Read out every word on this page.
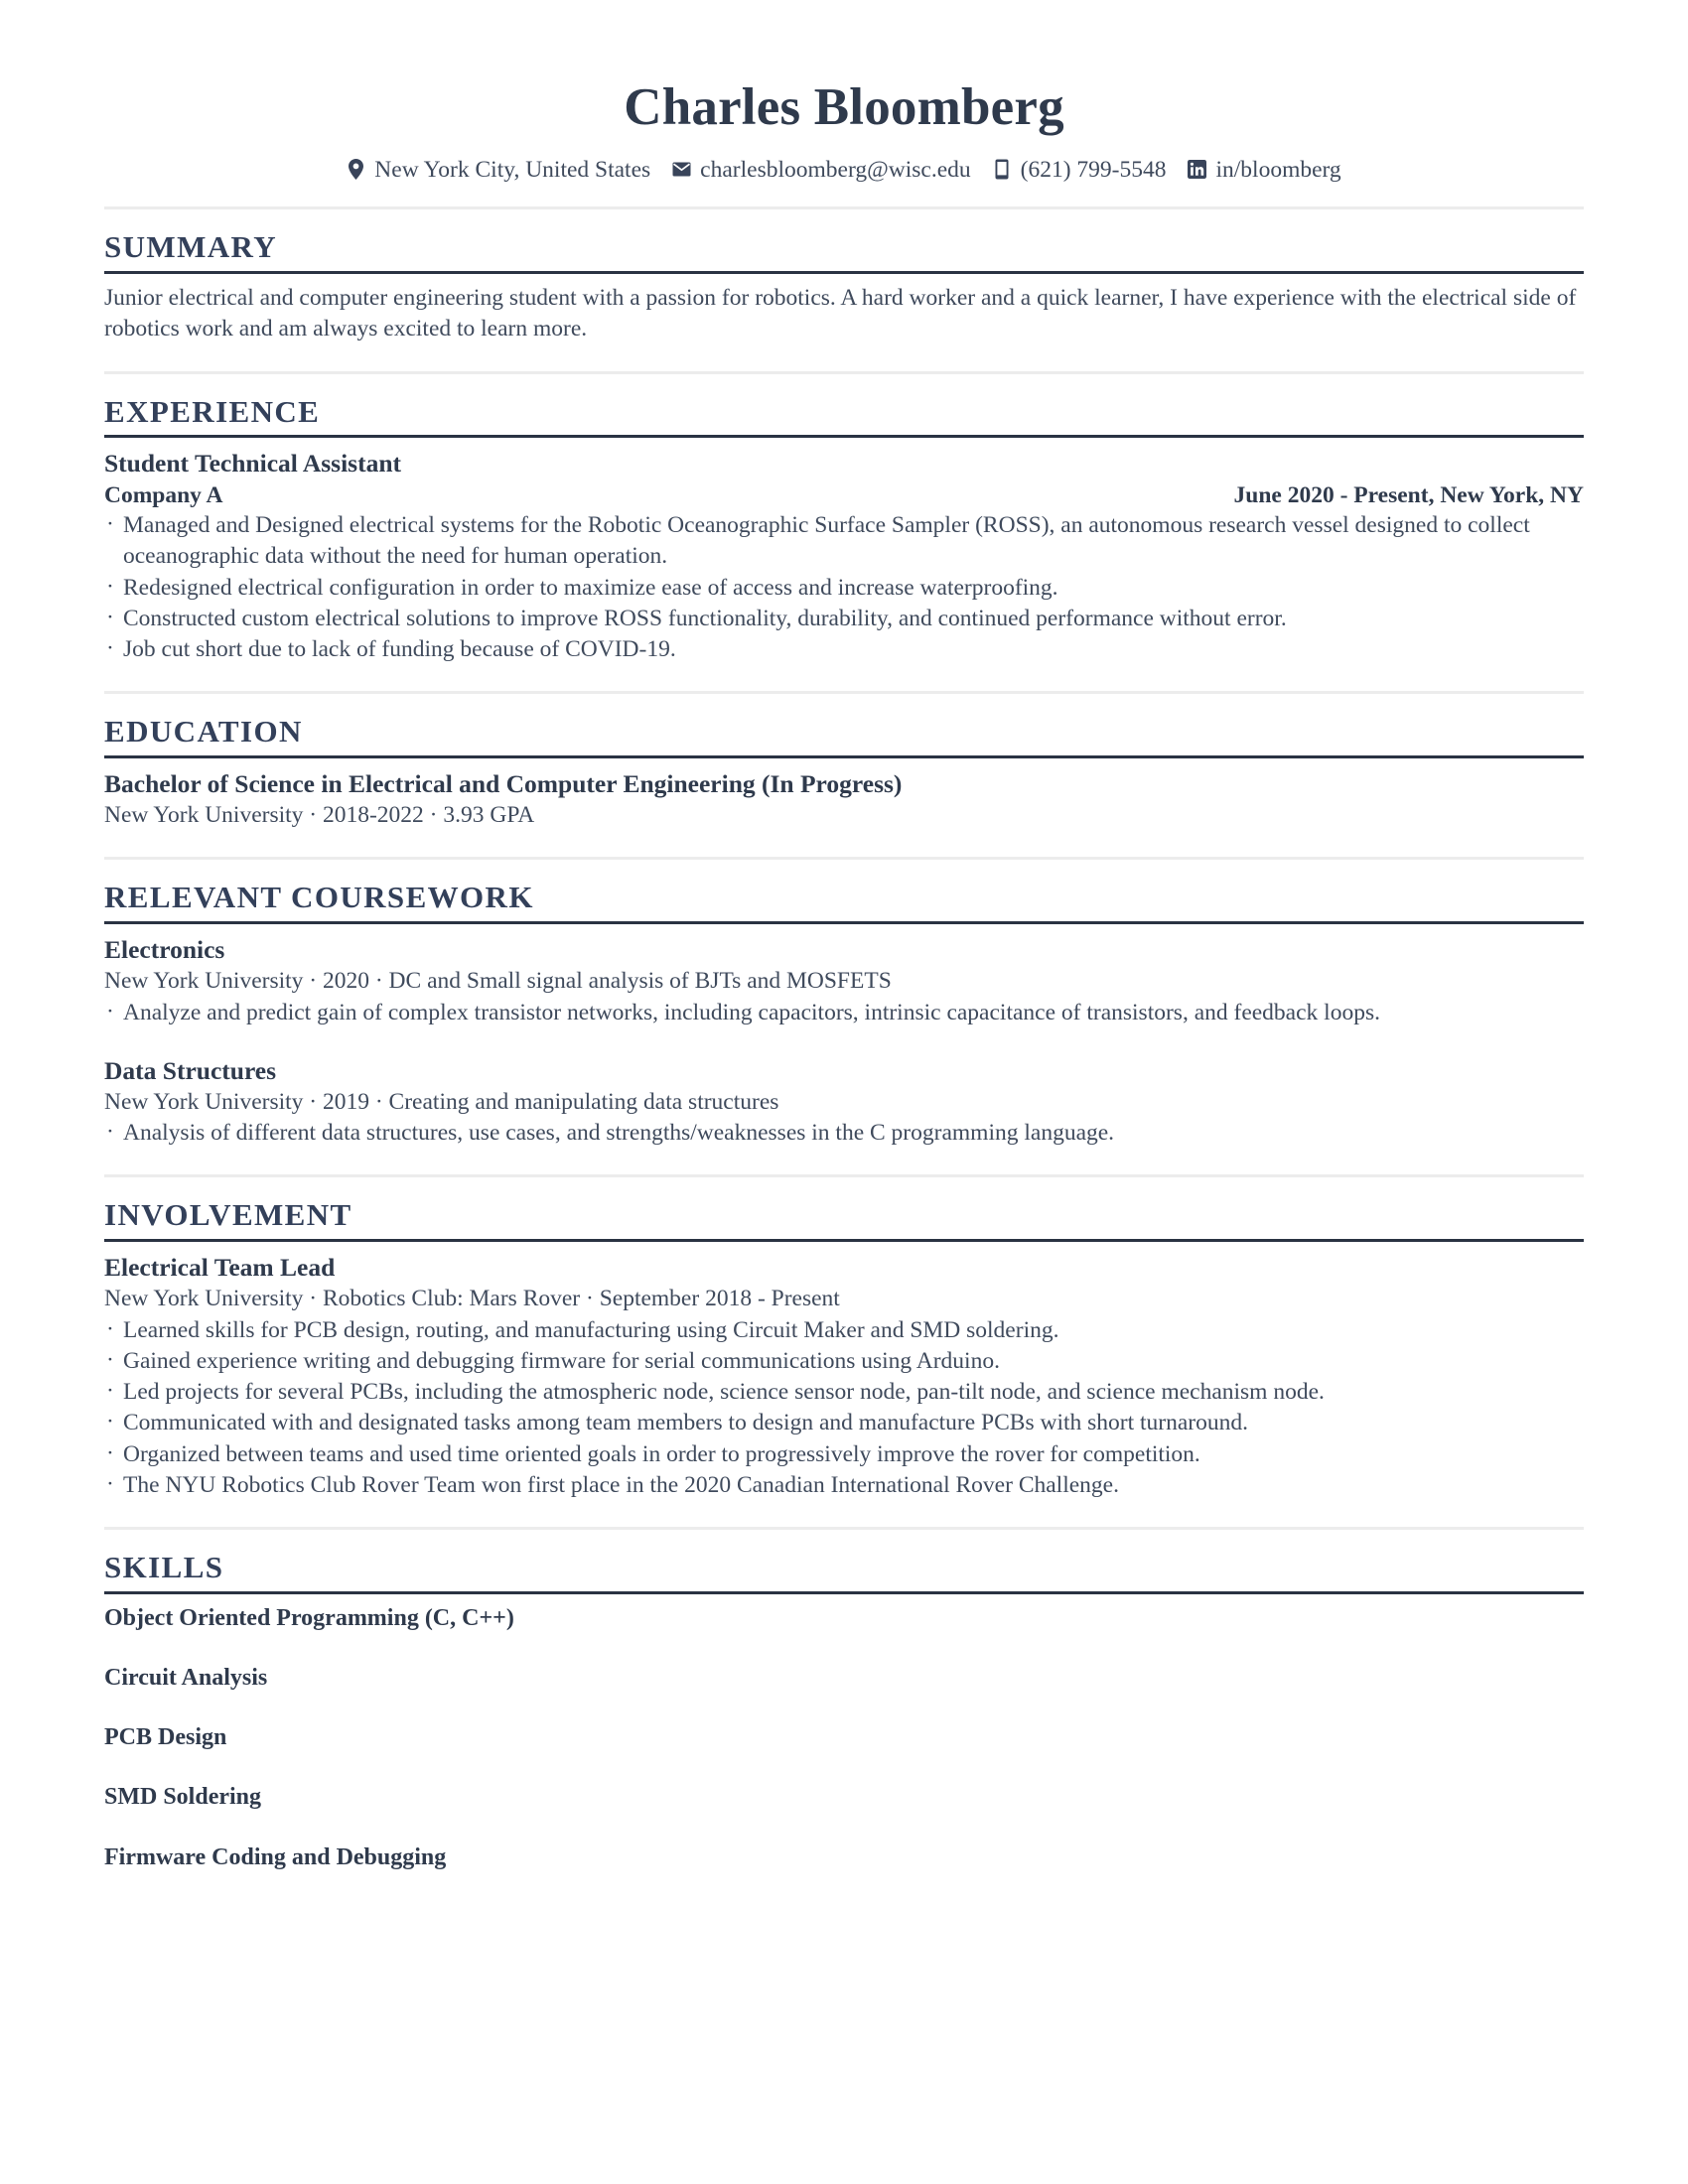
Charles Bloomberg
New York City, United States charlesbloomberg@wisc.edu (621) 799-5548 in/bloomberg
SUMMARY

Junior electrical and computer engineering student with a passion for robotics. A hard worker and a quick learner, I have experience with the electrical side of robotics work and am always excited to learn more.

EXPERIENCE
Student Technical Assistant
Company A	June 2020 - Present, New York, NY
· Managed and Designed electrical systems for the Robotic Oceanographic Surface Sampler (ROSS), an autonomous research vessel designed to collect oceanographic data without the need for human operation.
· Redesigned electrical configuration in order to maximize ease of access and increase waterproofing.
· Constructed custom electrical solutions to improve ROSS functionality, durability, and continued performance without error.
· Job cut short due to lack of funding because of COVID-19.
EDUCATION
Bachelor of Science in Electrical and Computer Engineering (In Progress)
New York University · 2018-2022 · 3.93 GPA
RELEVANT COURSEWORK
Electronics
New York University · 2020 · DC and Small signal analysis of BJTs and MOSFETS
· Analyze and predict gain of complex transistor networks, including capacitors, intrinsic capacitance of transistors, and feedback loops.
Data Structures
New York University · 2019 · Creating and manipulating data structures
· Analysis of different data structures, use cases, and strengths/weaknesses in the C programming language.
INVOLVEMENT
Electrical Team Lead
New York University · Robotics Club: Mars Rover · September 2018 - Present
· Learned skills for PCB design, routing, and manufacturing using Circuit Maker and SMD soldering.
· Gained experience writing and debugging firmware for serial communications using Arduino.
· Led projects for several PCBs, including the atmospheric node, science sensor node, pan-tilt node, and science mechanism node.
· Communicated with and designated tasks among team members to design and manufacture PCBs with short turnaround.
· Organized between teams and used time oriented goals in order to progressively improve the rover for competition.
· The NYU Robotics Club Rover Team won first place in the 2020 Canadian International Rover Challenge.
SKILLS
Object Oriented Programming (C, C++)
Circuit Analysis
PCB Design
SMD Soldering
Firmware Coding and Debugging
